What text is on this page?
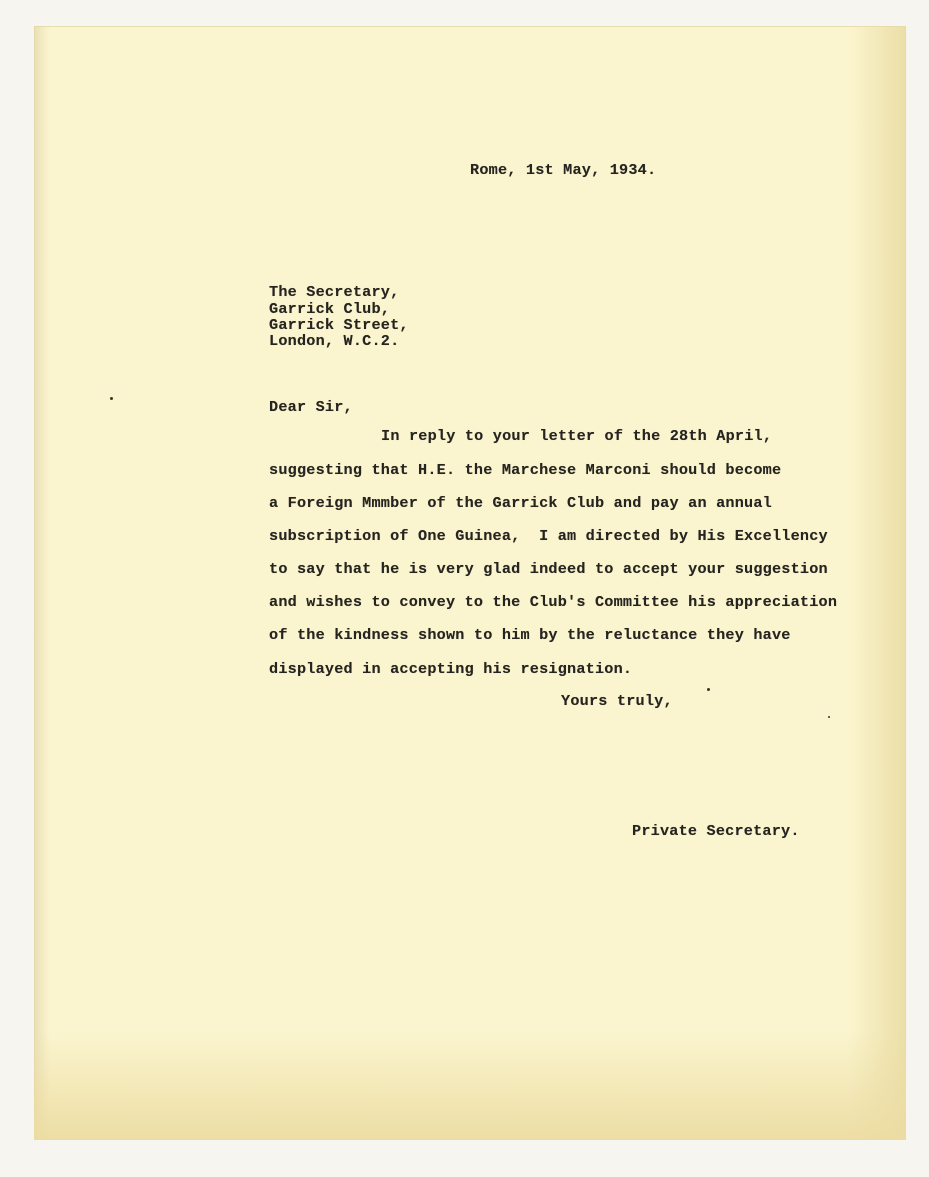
Rome, 1st May, 1934.
The Secretary,
Garrick Club,
Garrick Street,
London, W.C.2.
Dear Sir,
In reply to your letter of the 28th April,
suggesting that H.E. the Marchese Marconi should become
a Foreign Mmmber of the Garrick Club and pay an annual
subscription of One Guinea,  I am directed by His Excellency
to say that he is very glad indeed to accept your suggestion
and wishes to convey to the Club's Committee his appreciation
of the kindness shown to him by the reluctance they have
displayed in accepting his resignation.
Yours truly,
Private Secretary.
